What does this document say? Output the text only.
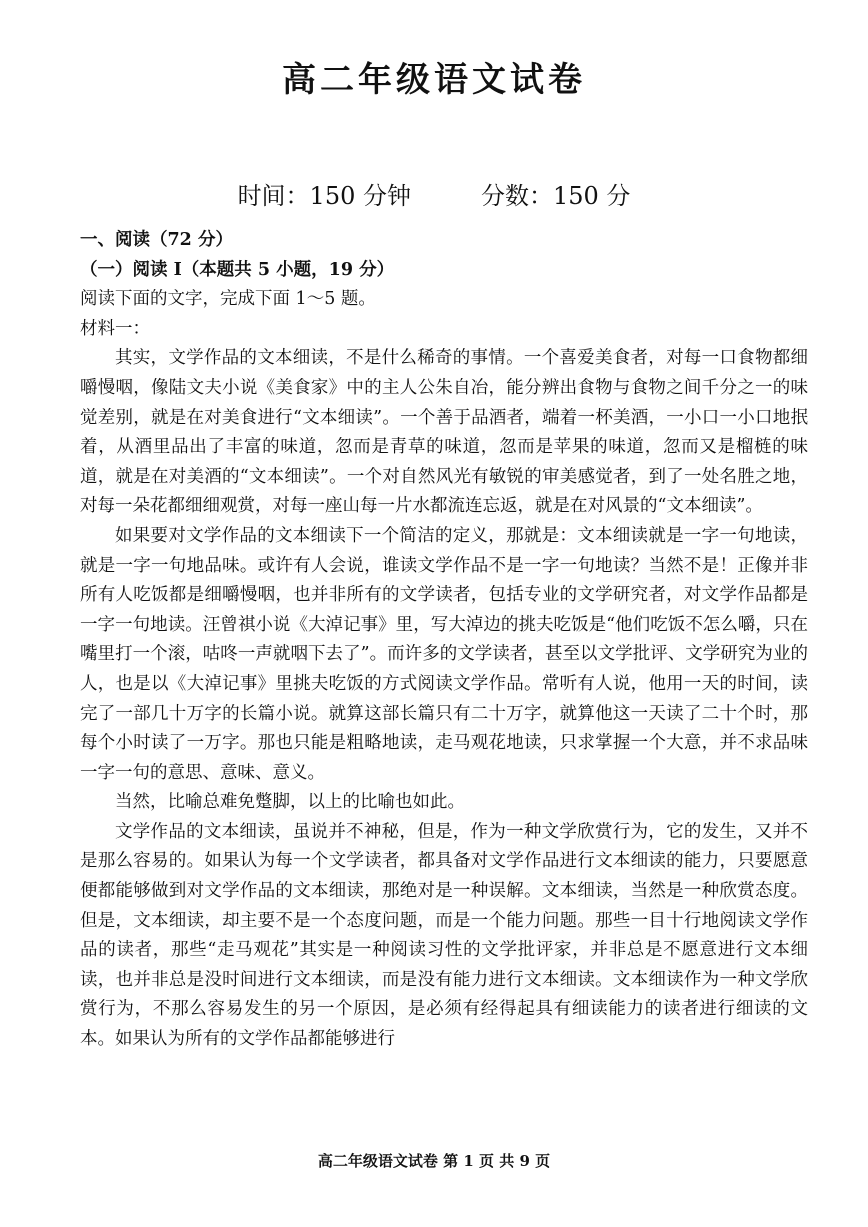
高二年级语文试卷
时间：150 分钟	分数：150 分

一、阅读（72 分）

（一）阅读 I（本题共 5 小题，19 分）

阅读下面的文字，完成下面 1～5 题。

材料一：

其实，文学作品的文本细读，不是什么稀奇的事情。一个喜爱美食者，对每一口食物都细嚼慢咽，像陆文夫小说《美食家》中的主人公朱自冶，能分辨出食物与食物之间千分之一的味觉差别，就是在对美食进行“文本细读”。一个善于品酒者，端着一杯美酒，一小口一小口地抿着，从酒里品出了丰富的味道，忽而是青草的味道，忽而是苹果的味道，忽而又是榴梿的味道，就是在对美酒的“文本细读”。一个对自然风光有敏锐的审美感觉者，到了一处名胜之地，对每一朵花都细细观赏，对每一座山每一片水都流连忘返，就是在对风景的“文本细读”。

如果要对文学作品的文本细读下一个简洁的定义，那就是：文本细读就是一字一句地读，就是一字一句地品味。或许有人会说，谁读文学作品不是一字一句地读？当然不是！正像并非所有人吃饭都是细嚼慢咽，也并非所有的文学读者，包括专业的文学研究者，对文学作品都是一字一句地读。汪曾祺小说《大淖记事》里，写大淖边的挑夫吃饭是“他们吃饭不怎么嚼，只在嘴里打一个滚，咕咚一声就咽下去了”。而许多的文学读者，甚至以文学批评、文学研究为业的人，也是以《大淖记事》里挑夫吃饭的方式阅读文学作品。常听有人说，他用一天的时间，读完了一部几十万字的长篇小说。就算这部长篇只有二十万字，就算他这一天读了二十个时，那每个小时读了一万字。那也只能是粗略地读，走马观花地读，只求掌握一个大意，并不求品味一字一句的意思、意味、意义。

当然，比喻总难免蹩脚，以上的比喻也如此。

文学作品的文本细读，虽说并不神秘，但是，作为一种文学欣赏行为，它的发生，又并不是那么容易的。如果认为每一个文学读者，都具备对文学作品进行文本细读的能力，只要愿意便都能够做到对文学作品的文本细读，那绝对是一种误解。文本细读，当然是一种欣赏态度。但是，文本细读，却主要不是一个态度问题，而是一个能力问题。那些一目十行地阅读文学作品的读者，那些“走马观花”其实是一种阅读习性的文学批评家，并非总是不愿意进行文本细读，也并非总是没时间进行文本细读，而是没有能力进行文本细读。文本细读作为一种文学欣赏行为，不那么容易发生的另一个原因，是必须有经得起具有细读能力的读者进行细读的文本。如果认为所有的文学作品都能够进行

高二年级语文试卷 第 1 页 共 9 页
